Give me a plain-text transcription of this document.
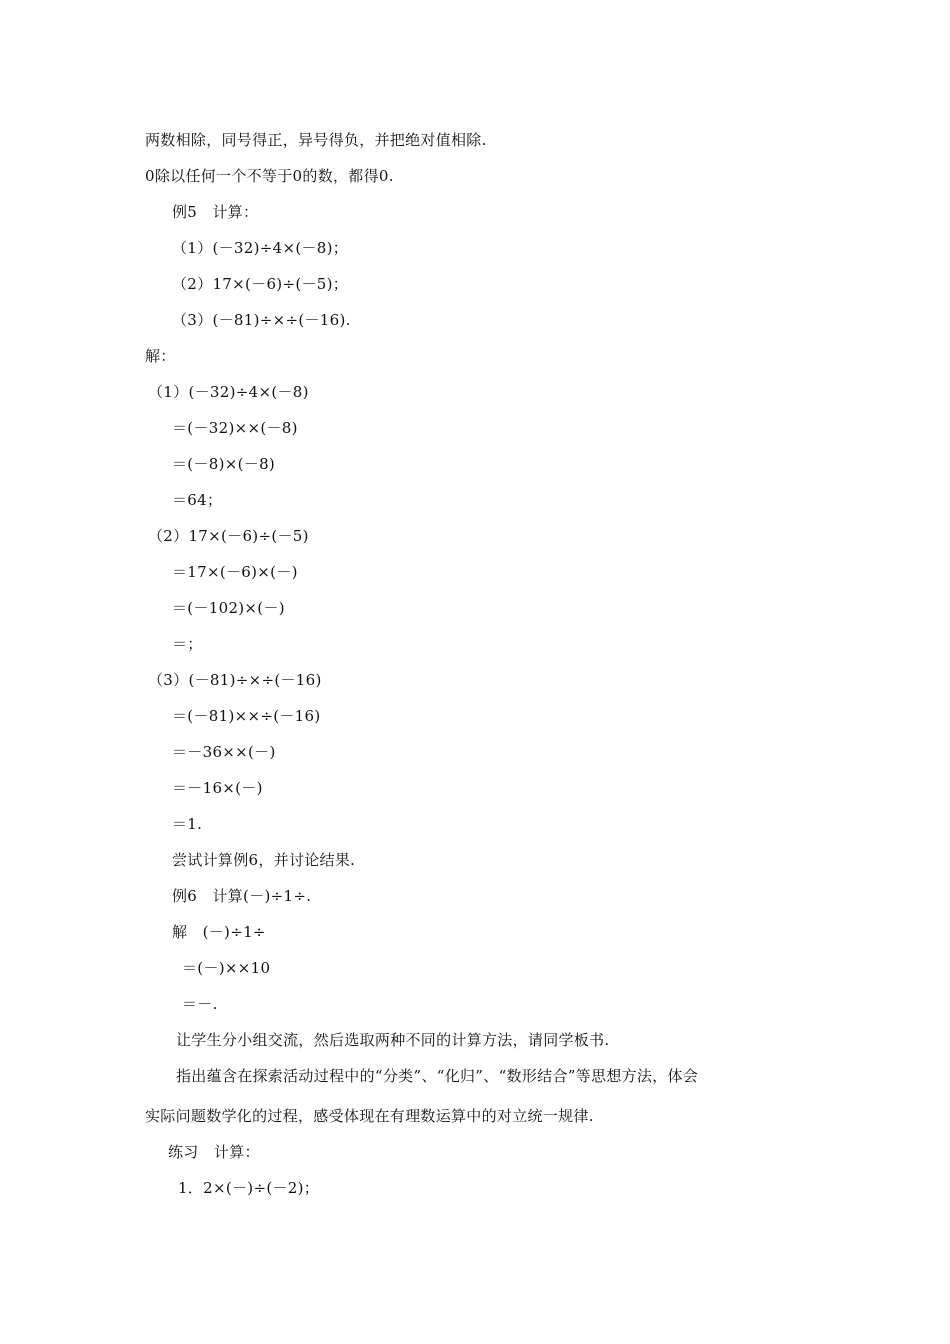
两数相除，同号得正，异号得负，并把绝对值相除.
0除以任何一个不等于0的数，都得0.
例5　计算：
（1）(－32)÷4×(－8)；
（2）17×(－6)÷(－5)；
（3）(－81)÷×÷(－16).
解：
（1）(－32)÷4×(－8)
＝(－32)××(－8)
＝(－8)×(－8)
＝64；
（2）17×(－6)÷(－5)
＝17×(－6)×(－)
＝(－102)×(－)
＝；
（3）(－81)÷×÷(－16)
＝(－81)××÷(－16)
＝－36××(－)
＝－16×(－)
＝1.
尝试计算例6，并讨论结果.
例6　计算(－)÷1÷.
解　(－)÷1÷
＝(－)××10
＝－.
让学生分小组交流，然后选取两种不同的计算方法，请同学板书.
指出蕴含在探索活动过程中的“分类”、“化归”、“数形结合”等思想方法，体会
实际问题数学化的过程，感受体现在有理数运算中的对立统一规律.
练习　计算：
1．2×(－)÷(－2)；
